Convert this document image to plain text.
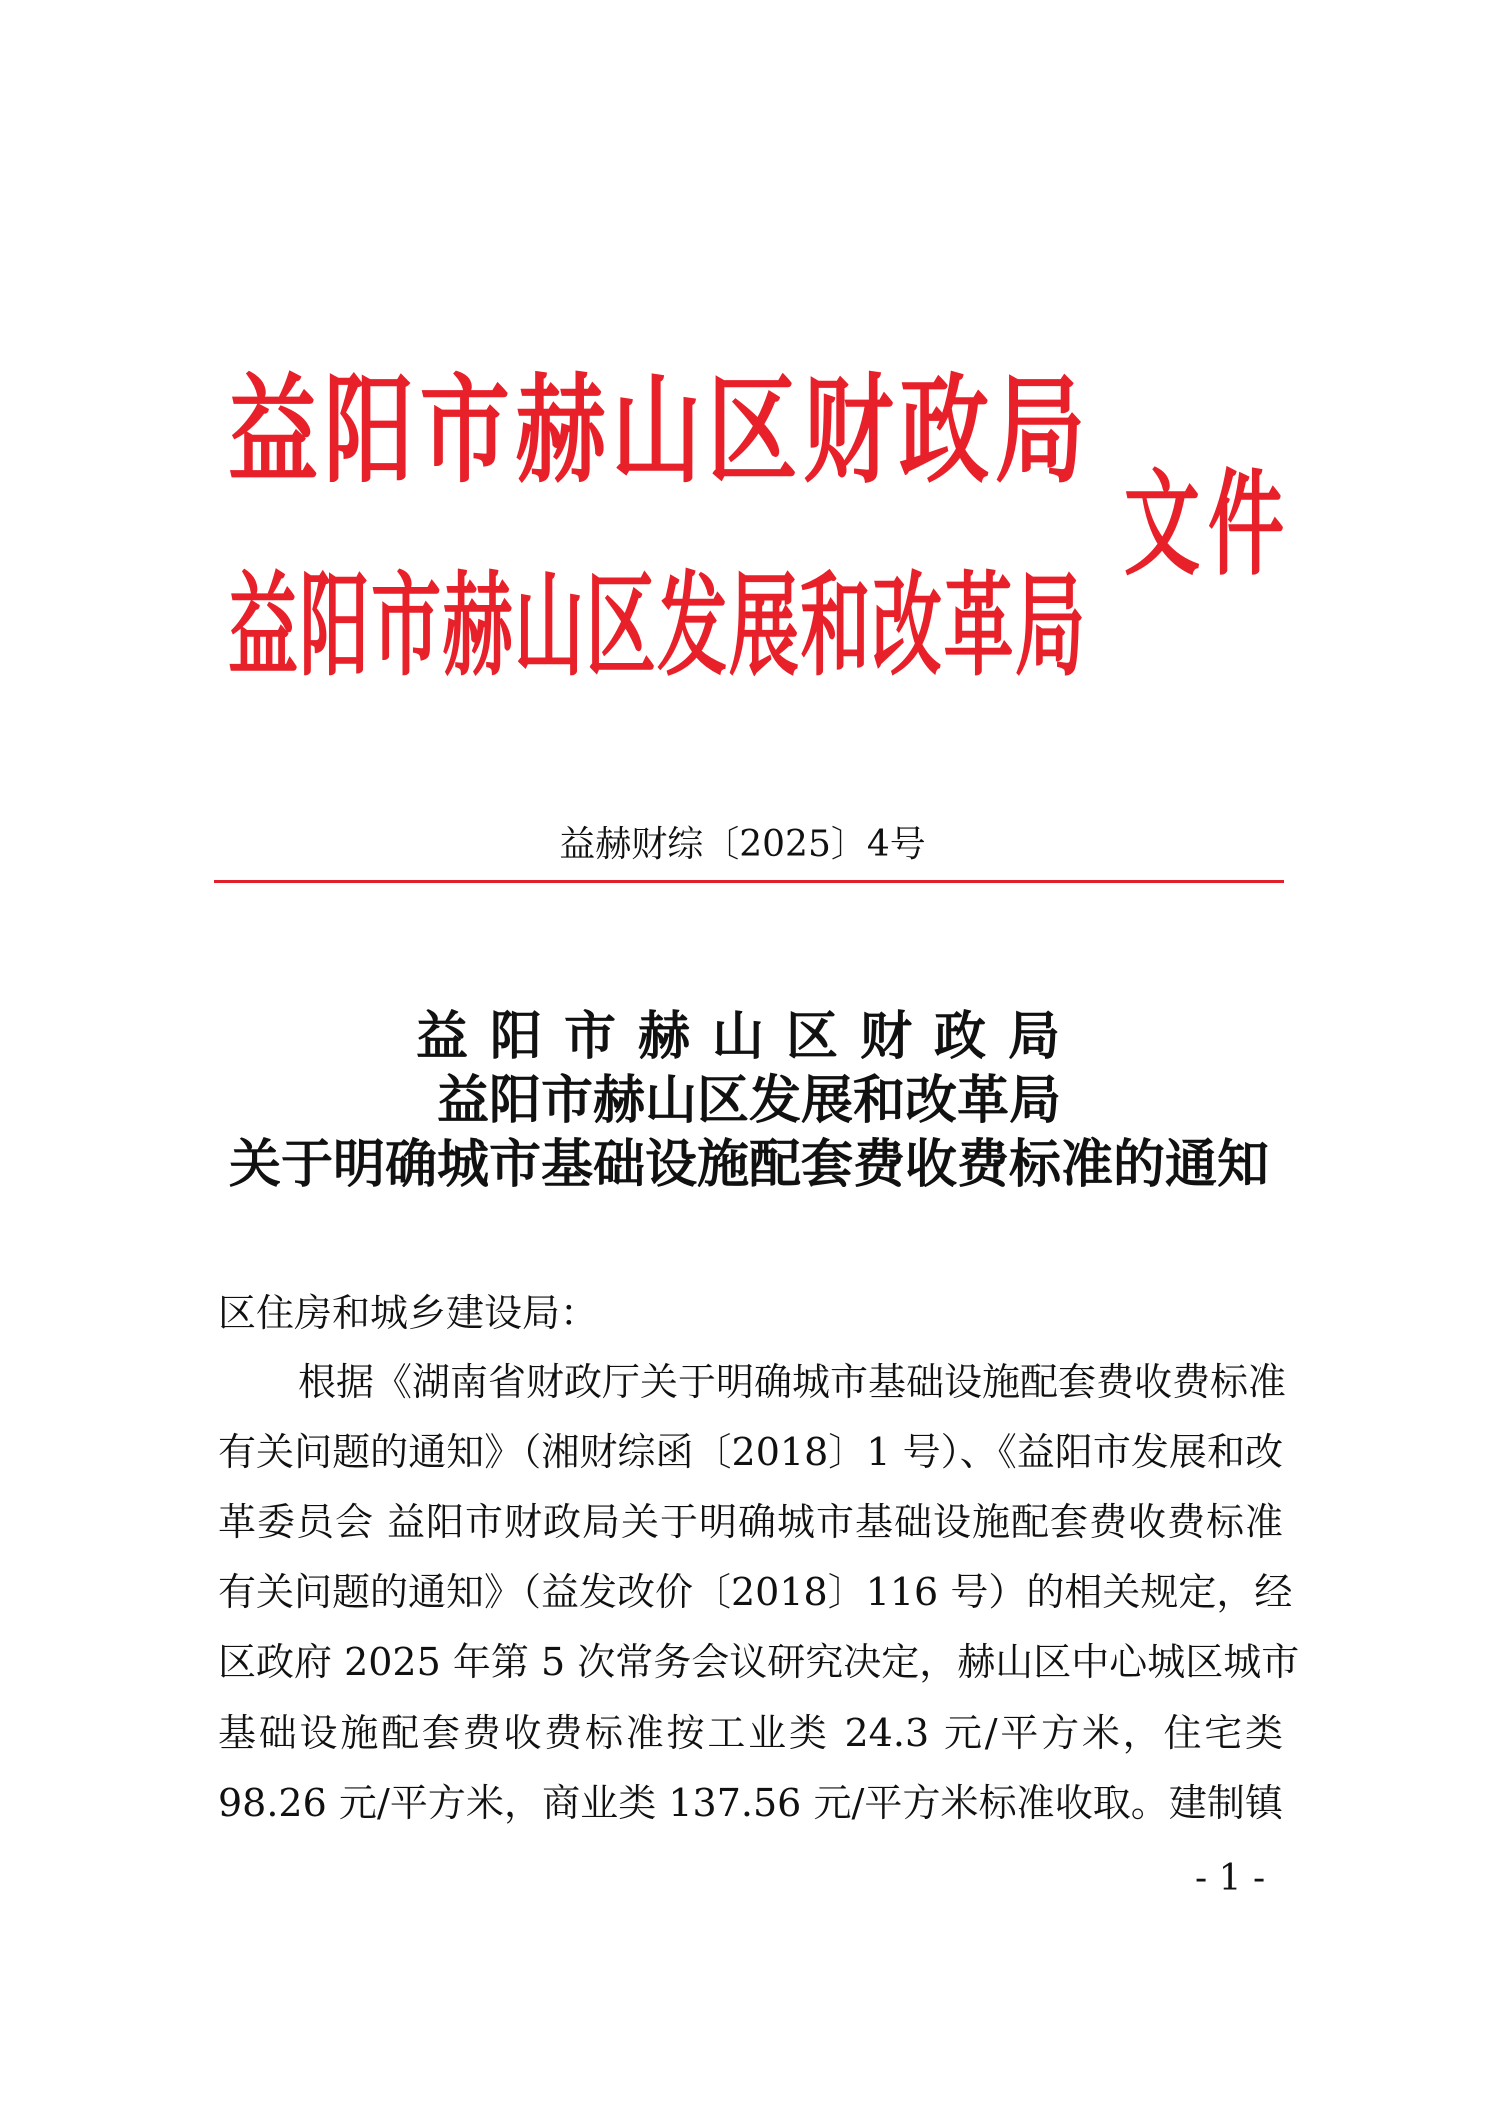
益阳市赫山区财政局
益阳市赫山区发展和改革局
文件
益赫财综〔2025〕4号
益阳市赫山区财政局
益阳市赫山区发展和改革局
关于明确城市基础设施配套费收费标准的通知
区住房和城乡建设局：
根据《湖南省财政厅关于明确城市基础设施配套费收费标准
有关问题的通知》（湘财综函〔2018〕1 号）、《益阳市发展和改
革委员会 益阳市财政局关于明确城市基础设施配套费收费标准
有关问题的通知》（益发改价〔2018〕116 号）的相关规定，经
区政府 2025 年第 5 次常务会议研究决定，赫山区中心城区城市
基础设施配套费收费标准按工业类 24.3 元/平方米，住宅类
98.26 元/平方米，商业类 137.56 元/平方米标准收取。建制镇
- 1 -
